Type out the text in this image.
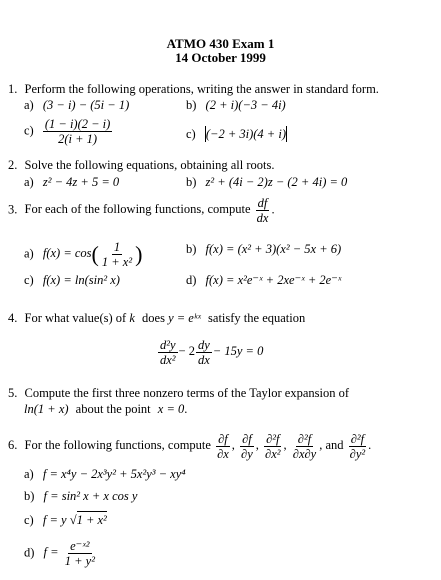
ATMO 430 Exam 1
14 October 1999
1. Perform the following operations, writing the answer in standard form.
a) (3 − i) − (5i − 1)	b) (2 + i)(−3 − 4i)
$c) \frac{(1 - i)(2 - i)}{2(i + 1)}$	c) (−2 + 3i)(4 + i)
2. Solve the following equations, obtaining all roots.
a) z² − 4z + 5 = 0	b) z² + (4i − 2)z − (2 + 4i) = 0
3. For each of the following functions, compute $\frac{df}{dx}$ .
a) $f(x) = \cos( \frac{1}{\text{1 + x²}}$ )	b) f(x) = (x² + 3)(x² − 5x + 6)
c) f(x) = ln(sin² x)	d) f(x) = x²e⁻ˣ + 2xe⁻ˣ + 2e⁻ˣ
4. For what value(s) of k does y = eᵏˣ satisfy the equation
$\frac{\text{d²y}}{\text{dx²}} - 2 \frac{dy}{dx} - 15y = 0$
5. Compute the first three nonzero terms of the Taylor expansion of
ln(1 + x) about the point x = 0.
6. For the following functions, compute $\frac{\partial f}{\partial x}$ , $\frac{\partial f}{\partial y}$ , $\frac{\text{∂²f}}{\text{∂x²}}$ , $\frac{\text{∂²f}}{\partial x\partial y}$ , and $\frac{\text{∂²f}}{\text{∂y²}}$ .
a) f = x⁴y − 2x³y² + 5x²y³ − xy⁴
b) f = sin² x + x cos y
c) f = y √1 + x²
d) $f = \frac{\text{e⁻ˣ²}}{\text{1 + y²}}$
